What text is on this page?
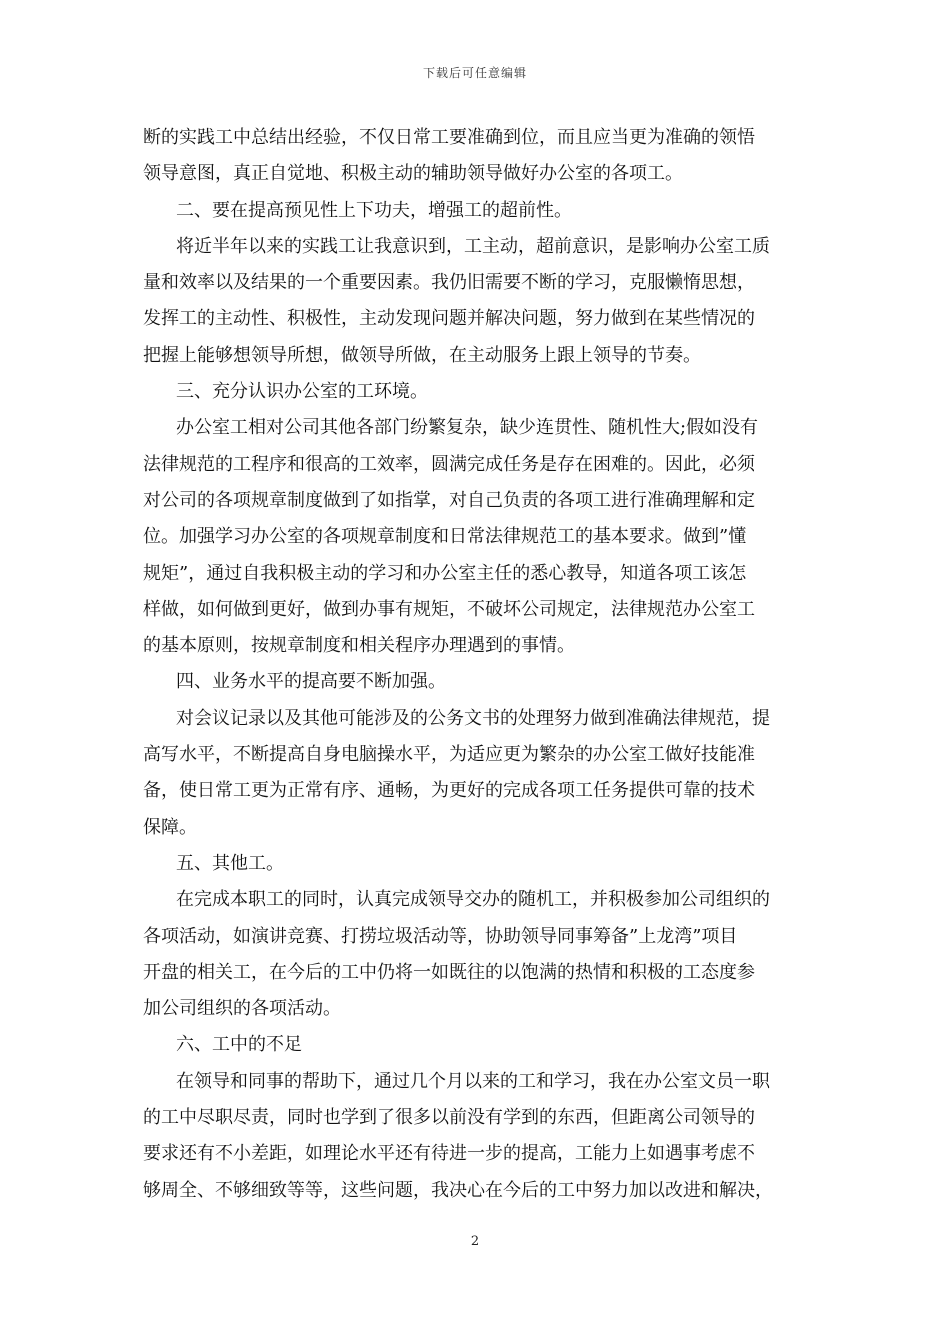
下载后可任意编辑
断的实践工中总结出经验，不仅日常工要准确到位，而且应当更为准确的领悟
领导意图，真正自觉地、积极主动的辅助领导做好办公室的各项工。
二、要在提高预见性上下功夫，增强工的超前性。
将近半年以来的实践工让我意识到，工主动，超前意识，是影响办公室工质
量和效率以及结果的一个重要因素。我仍旧需要不断的学习，克服懒惰思想，
发挥工的主动性、积极性，主动发现问题并解决问题，努力做到在某些情况的
把握上能够想领导所想，做领导所做，在主动服务上跟上领导的节奏。
三、充分认识办公室的工环境。
办公室工相对公司其他各部门纷繁复杂，缺少连贯性、随机性大;假如没有
法律规范的工程序和很高的工效率，圆满完成任务是存在困难的。因此，必须
对公司的各项规章制度做到了如指掌，对自己负责的各项工进行准确理解和定
位。加强学习办公室的各项规章制度和日常法律规范工的基本要求。做到”懂
规矩”，通过自我积极主动的学习和办公室主任的悉心教导，知道各项工该怎
样做，如何做到更好，做到办事有规矩，不破坏公司规定，法律规范办公室工
的基本原则，按规章制度和相关程序办理遇到的事情。
四、业务水平的提高要不断加强。
对会议记录以及其他可能涉及的公务文书的处理努力做到准确法律规范，提
高写水平，不断提高自身电脑操水平，为适应更为繁杂的办公室工做好技能准
备，使日常工更为正常有序、通畅，为更好的完成各项工任务提供可靠的技术
保障。
五、其他工。
在完成本职工的同时，认真完成领导交办的随机工，并积极参加公司组织的
各项活动，如演讲竞赛、打捞垃圾活动等，协助领导同事筹备”上龙湾”项目
开盘的相关工，在今后的工中仍将一如既往的以饱满的热情和积极的工态度参
加公司组织的各项活动。
六、工中的不足
在领导和同事的帮助下，通过几个月以来的工和学习，我在办公室文员一职
的工中尽职尽责，同时也学到了很多以前没有学到的东西，但距离公司领导的
要求还有不小差距，如理论水平还有待进一步的提高，工能力上如遇事考虑不
够周全、不够细致等等，这些问题，我决心在今后的工中努力加以改进和解决，
2
